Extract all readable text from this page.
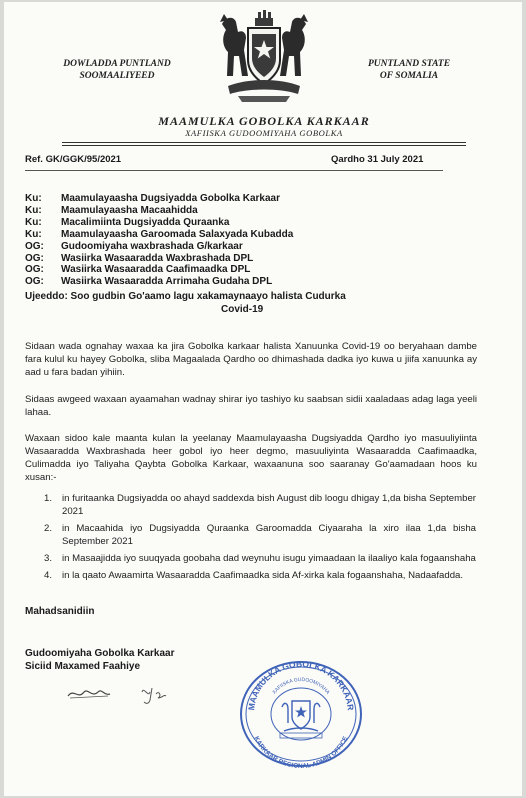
DOWLADDA PUNTLAND
SOOMAALIYEED
PUNTLAND STATE
OF SOMALIA
MAAMULKA GOBOLKA KARKAAR
XAFIISKA GUDOOMIYAHA GOBOLKA
Ref. GK/GGK/95/2021	Qardho 31 July 2021
Ku: Maamulayaasha Dugsiyadda Gobolka Karkaar
Ku: Maamulayaasha Macaahidda
Ku: Macalimiinta Dugsiyadda Quraanka
Ku: Maamulayaasha Garoomada Salaxyada Kubadda
OG: Gudoomiyaha waxbrashada G/karkaar
OG: Wasiirka Wasaaradda Waxbrashada DPL
OG: Wasiirka Wasaaradda Caafimaadka DPL
OG: Wasiirka Wasaaradda Arrimaha Gudaha DPL
Ujeeddo: Soo gudbin Go'aamo lagu xakamaynaayo halista Cudurka
Covid-19
Sidaan wada ognahay waxaa ka jira Gobolka karkaar halista Xanuunka Covid-19 oo beryahaan dambe fara kulul ku hayey Gobolka, sliba Magaalada Qardho oo dhimashada dadka iyo kuwa u jiifa xanuunka ay aad u fara badan yihiin.
Sidaas awgeed waxaan ayaamahan wadnay shirar iyo tashiyo ku saabsan sidii xaaladaas adag laga yeeli lahaa.
Waxaan sidoo kale maanta kulan la yeelanay Maamulayaasha Dugsiyadda Qardho iyo masuuliyiinta Wasaaradda Waxbrashada heer gobol iyo heer degmo, masuuliyinta Wasaaradda Caafimaadka, Culimadda iyo Taliyaha Qaybta Gobolka Karkaar, waxaanuna soo saaranay Go'aamadaan hoos ku xusan:-
1. in furitaanka Dugsiyadda oo ahayd saddexda bish August dib loogu dhigay 1,da bisha September 2021
2. in Macaahida iyo Dugsiyadda Quraanka Garoomadda Ciyaaraha la xiro ilaa 1,da bisha September 2021
3. in Masaajidda iyo suuqyada goobaha dad weynuhu isugu yimaadaan la ilaaliyo kala fogaanshaha
4. in la qaato Awaamirta Wasaaradda Caafimaadka sida Af-xirka kala fogaanshaha, Nadaafadda.
Mahadsanidiin
Gudoomiyaha Gobolka Karkaar
Siciid Maxamed Faahiye
MAAMULKA GOBOLKA KARKAAR
XAFIISKA GUDOOMIYAHA
KARKAAR REGIONAL ADMIN OFFICE
